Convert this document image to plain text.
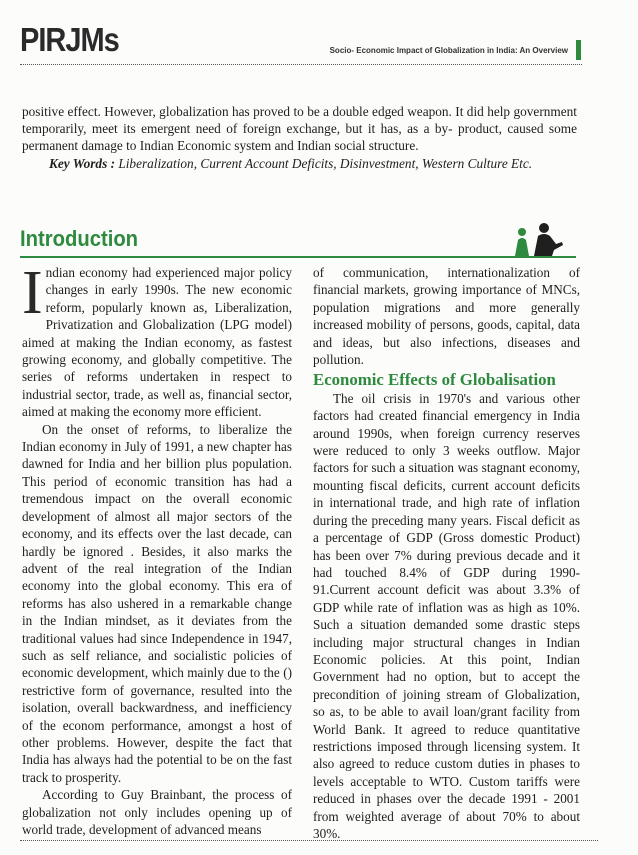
PIRJMs	Socio- Economic Impact of Globalization in India: An Overview

positive effect. However, globalization has proved to be a double edged weapon. It did help government temporarily, meet its emergent need of foreign exchange, but it has, as a by- product, caused some permanent damage to Indian Economic system and Indian social structure.

Key Words : Liberalization, Current Account Deficits, Disinvestment, Western Culture Etc.
Introduction

Indian economy had experienced major policy changes in early 1990s. The new economic reform, popularly known as, Liberalization, Privatization and Globalization (LPG model) aimed at making the Indian economy, as fastest growing economy, and globally competitive. The series of reforms undertaken in respect to industrial sector, trade, as well as, financial sector, aimed at making the economy more efficient.

On the onset of reforms, to liberalize the Indian economy in July of 1991, a new chapter has dawned for India and her billion plus population. This period of economic transition has had a tremendous impact on the overall economic development of almost all major sectors of the economy, and its effects over the last decade, can hardly be ignored . Besides, it also marks the advent of the real integration of the Indian economy into the global economy. This era of reforms has also ushered in a remarkable change in the Indian mindset, as it deviates from the traditional values had since Independence in 1947, such as self reliance, and socialistic policies of economic development, which mainly due to the () restrictive form of governance, resulted into the isolation, overall backwardness, and inefficiency of the econom performance, amongst a host of other problems. However, despite the fact that India has always had the potential to be on the fast track to prosperity.

According to Guy Brainbant, the process of globalization not only includes opening up of world trade, development of advanced means

of communication, internationalization of financial markets, growing importance of MNCs, population migrations and more generally increased mobility of persons, goods, capital, data and ideas, but also infections, diseases and pollution.

Economic Effects of Globalisation

The oil crisis in 1970's and various other factors had created financial emergency in India around 1990s, when foreign currency reserves were reduced to only 3 weeks outflow. Major factors for such a situation was stagnant economy, mounting fiscal deficits, current account deficits in international trade, and high rate of inflation during the preceding many years. Fiscal deficit as a percentage of GDP (Gross domestic Product) has been over 7% during previous decade and it had touched 8.4% of GDP during 1990- 91.Current account deficit was about 3.3% of GDP while rate of inflation was as high as 10%. Such a situation demanded some drastic steps including major structural changes in Indian Economic policies. At this point, Indian Government had no option, but to accept the precondition of joining stream of Globalization, so as, to be able to avail loan/grant facility from World Bank. It agreed to reduce quantitative restrictions imposed through licensing system. It also agreed to reduce custom duties in phases to levels acceptable to WTO. Custom tariffs were reduced in phases over the decade 1991 - 2001 from weighted average of about 70% to about 30%.
